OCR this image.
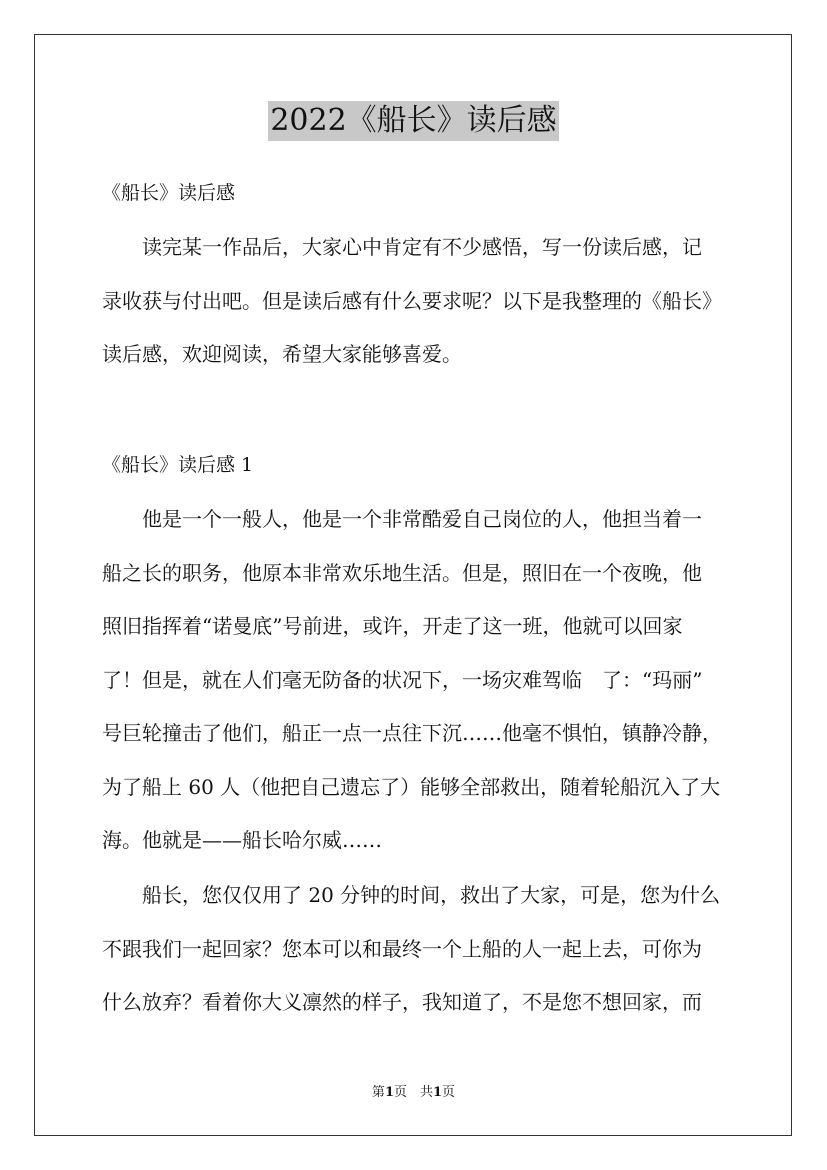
2022《船长》读后感
《船长》读后感
读完某一作品后，大家心中肯定有不少感悟，写一份读后感，记
录收获与付出吧。但是读后感有什么要求呢？以下是我整理的《船长》
读后感，欢迎阅读，希望大家能够喜爱。
《船长》读后感 1
他是一个一般人，他是一个非常酷爱自己岗位的人，他担当着一
船之长的职务，他原本非常欢乐地生活。但是，照旧在一个夜晚，他
照旧指挥着“诺曼底”号前进，或许，开走了这一班，他就可以回家
了！但是，就在人们毫无防备的状况下，一场灾难驾临　了：“玛丽”
号巨轮撞击了他们，船正一点一点往下沉……他毫不惧怕，镇静冷静，
为了船上 60 人（他把自己遗忘了）能够全部救出，随着轮船沉入了大
海。他就是——船长哈尔威……
船长，您仅仅用了 20 分钟的时间，救出了大家，可是，您为什么
不跟我们一起回家？您本可以和最终一个上船的人一起上去，可你为
什么放弃？看着你大义凛然的样子，我知道了，不是您不想回家，而
第1页　共1页
